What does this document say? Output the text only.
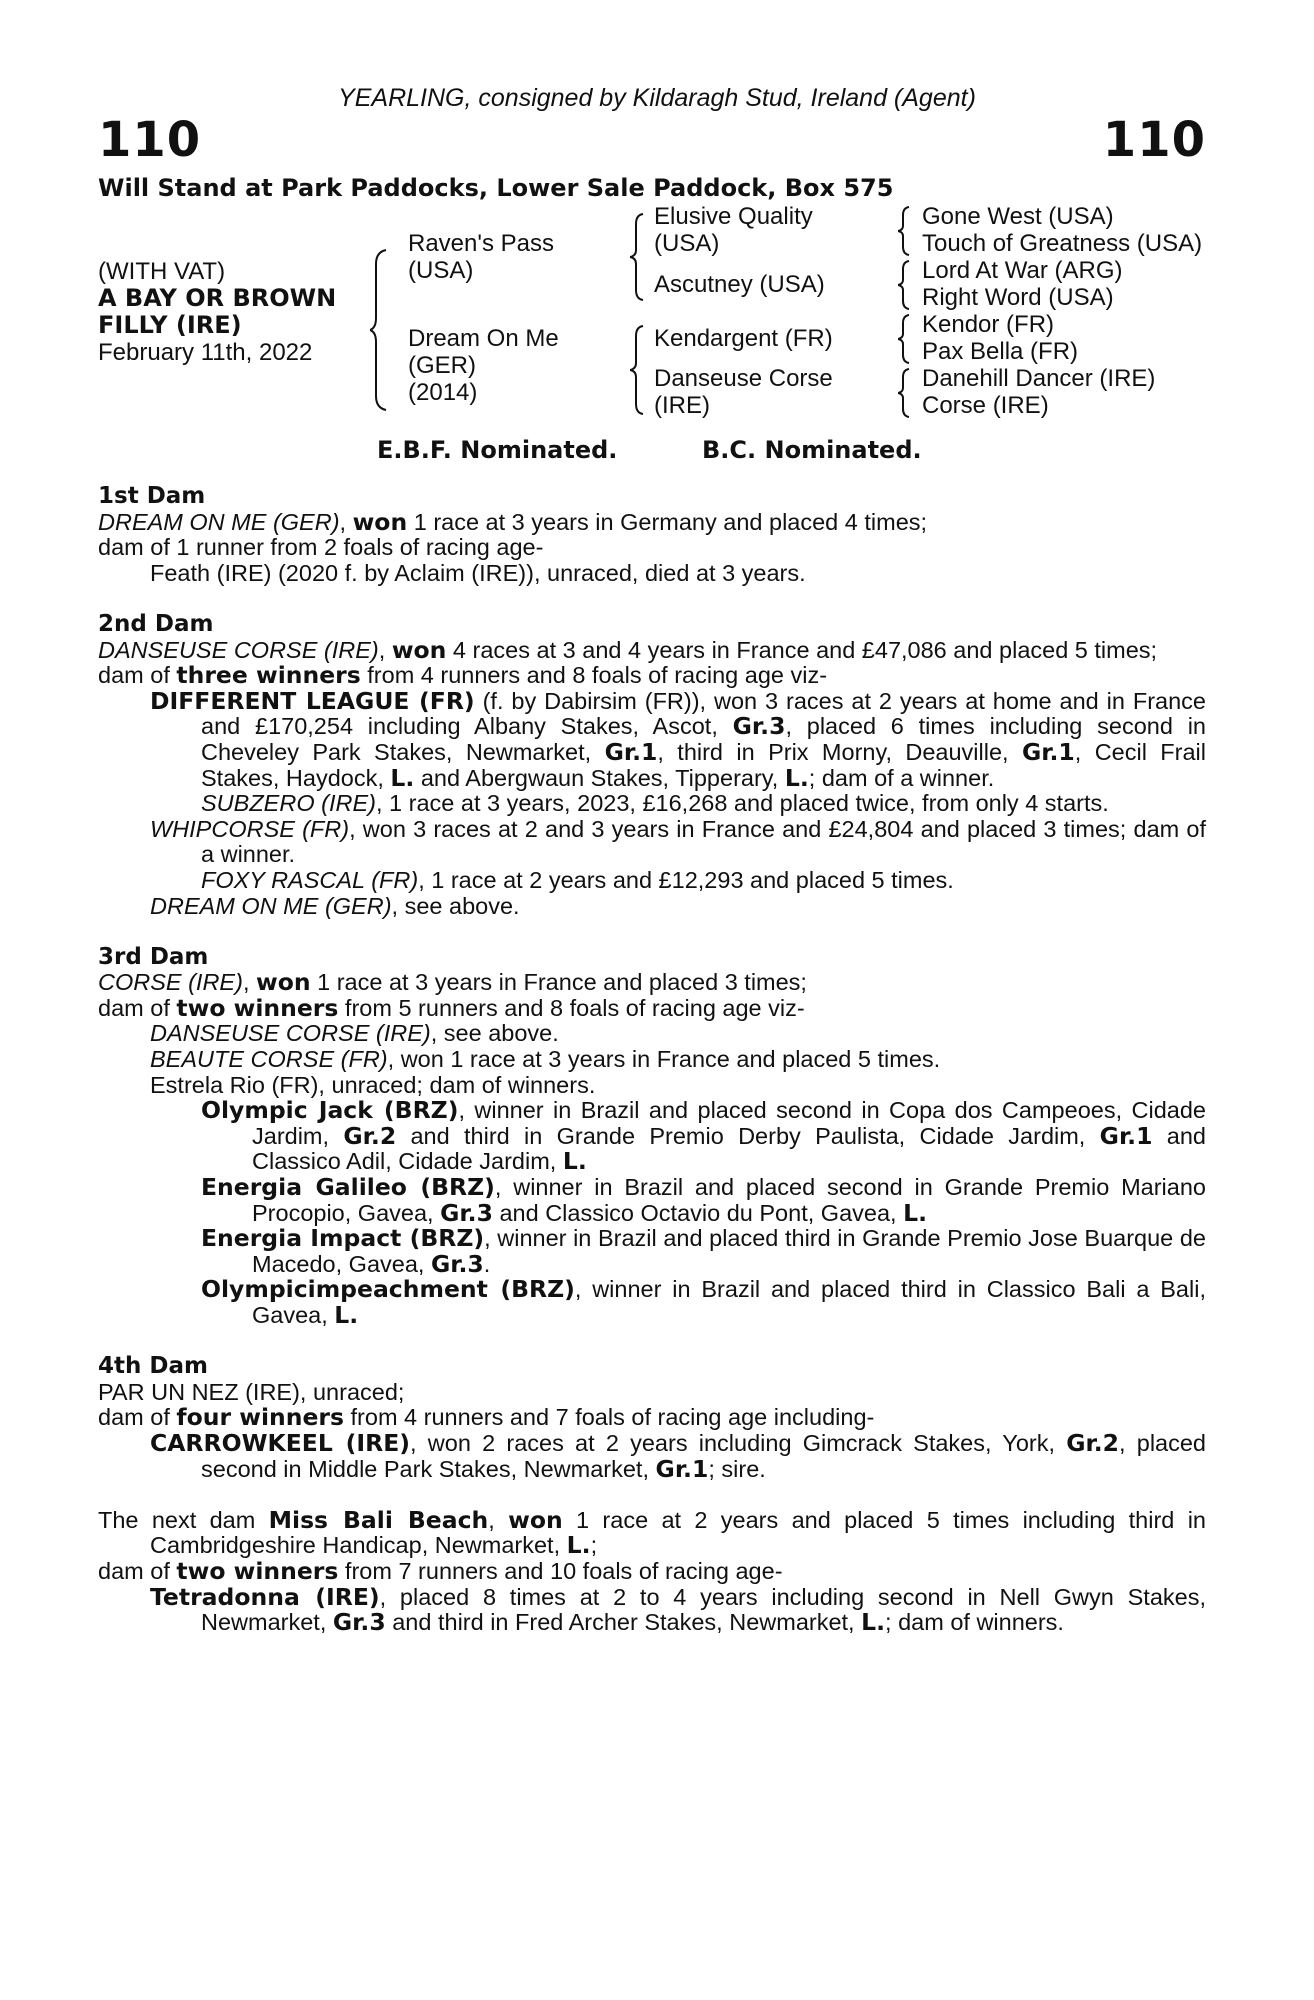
YEARLING, consigned by Kildaragh Stud, Ireland (Agent)
110	110
Will Stand at Park Paddocks, Lower Sale Paddock, Box 575
(WITH VAT)
A BAY OR BROWN
FILLY (IRE)
February 11th, 2022
Raven's Pass
(USA)
Dream On Me
(GER)
(2014)
Elusive Quality
(USA)
Ascutney (USA)
Kendargent (FR)
Danseuse Corse
(IRE)
Gone West (USA)
Touch of Greatness (USA)
Lord At War (ARG)
Right Word (USA)
Kendor (FR)
Pax Bella (FR)
Danehill Dancer (IRE)
Corse (IRE)
E.B.F. Nominated.	B.C. Nominated.
1st Dam
DREAM ON ME (GER), won 1 race at 3 years in Germany and placed 4 times;
dam of 1 runner from 2 foals of racing age-
Feath (IRE) (2020 f. by Aclaim (IRE)), unraced, died at 3 years.
2nd Dam
DANSEUSE CORSE (IRE), won 4 races at 3 and 4 years in France and £47,086 and placed 5 times;
dam of three winners from 4 runners and 8 foals of racing age viz-
DIFFERENT LEAGUE (FR) (f. by Dabirsim (FR)), won 3 races at 2 years at home and in France and £170,254 including Albany Stakes, Ascot, Gr.3, placed 6 times including second in Cheveley Park Stakes, Newmarket, Gr.1, third in Prix Morny, Deauville, Gr.1, Cecil Frail Stakes, Haydock, L. and Abergwaun Stakes, Tipperary, L.; dam of a winner.
SUBZERO (IRE), 1 race at 3 years, 2023, £16,268 and placed twice, from only 4 starts.
WHIPCORSE (FR), won 3 races at 2 and 3 years in France and £24,804 and placed 3 times; dam of a winner.
FOXY RASCAL (FR), 1 race at 2 years and £12,293 and placed 5 times.
DREAM ON ME (GER), see above.
3rd Dam
CORSE (IRE), won 1 race at 3 years in France and placed 3 times;
dam of two winners from 5 runners and 8 foals of racing age viz-
DANSEUSE CORSE (IRE), see above.
BEAUTE CORSE (FR), won 1 race at 3 years in France and placed 5 times.
Estrela Rio (FR), unraced; dam of winners.
Olympic Jack (BRZ), winner in Brazil and placed second in Copa dos Campeoes, Cidade Jardim, Gr.2 and third in Grande Premio Derby Paulista, Cidade Jardim, Gr.1 and Classico Adil, Cidade Jardim, L.
Energia Galileo (BRZ), winner in Brazil and placed second in Grande Premio Mariano Procopio, Gavea, Gr.3 and Classico Octavio du Pont, Gavea, L.
Energia Impact (BRZ), winner in Brazil and placed third in Grande Premio Jose Buarque de Macedo, Gavea, Gr.3.
Olympicimpeachment (BRZ), winner in Brazil and placed third in Classico Bali a Bali, Gavea, L.
4th Dam
PAR UN NEZ (IRE), unraced;
dam of four winners from 4 runners and 7 foals of racing age including-
CARROWKEEL (IRE), won 2 races at 2 years including Gimcrack Stakes, York, Gr.2, placed second in Middle Park Stakes, Newmarket, Gr.1; sire.
The next dam Miss Bali Beach, won 1 race at 2 years and placed 5 times including third in Cambridgeshire Handicap, Newmarket, L.;
dam of two winners from 7 runners and 10 foals of racing age-
Tetradonna (IRE), placed 8 times at 2 to 4 years including second in Nell Gwyn Stakes, Newmarket, Gr.3 and third in Fred Archer Stakes, Newmarket, L.; dam of winners.
